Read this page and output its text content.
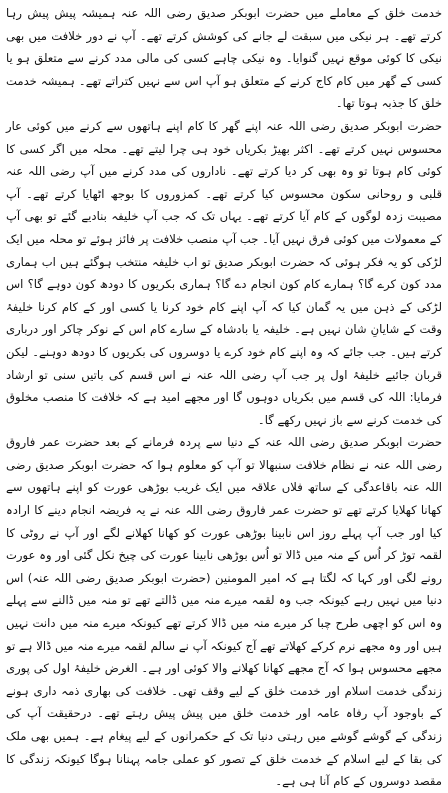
خدمت خلق کے معاملے میں حضرت ابوبکر صدیق رضی اللہ عنہ ہمیشہ پیش پیش رہا کرتے تھے۔ ہر نیکی میں سبقت لے جانے کی کوشش کرتے تھے۔ آپ نے دور خلافت میں بھی نیکی کا کوئی موقع نہیں گنوایا۔ وہ نیکی چاہے کسی کی مالی مدد کرنے سے متعلق ہو یا کسی کے گھر میں کام کاج کرنے کے متعلق ہو آپ اس سے نہیں کتراتے تھے۔ ہمیشہ خدمت خلق کا جذبہ ہوتا تھا۔

حضرت ابوبکر صدیق رضی اللہ عنہ اپنے گھر کا کام اپنے ہاتھوں سے کرنے میں کوئی عار محسوس نہیں کرتے تھے۔ اکثر بھیڑ بکریاں خود ہی چرا لیتے تھے۔ محلہ میں اگر کسی کا کوئی کام ہوتا تو وہ بھی کر دیا کرتے تھے۔ ناداروں کی مدد کرنے میں آپ رضی اللہ عنہ قلبی و روحانی سکون محسوس کیا کرتے تھے۔ کمزوروں کا بوجھ اٹھایا کرتے تھے۔ آپ مصیبت زدہ لوگوں کے کام آیا کرتے تھے۔ یہاں تک کہ جب آپ خلیفہ بنادیے گئے تو بھی آپ کے معمولات میں کوئی فرق نہیں آیا۔ جب آپ منصب خلافت پر فائز ہوئے تو محلہ میں ایک لڑکی کو یہ فکر ہوئی کہ حضرت ابوبکر صدیق تو اب خلیفہ منتخب ہوگئے ہیں اب ہماری مدد کون کرے گا؟ ہمارے کام کون انجام دے گا؟ ہماری بکریوں کا دودھ کون دوہے گا؟ اس لڑکی کے ذہن میں یہ گمان کیا کہ آپ اپنے کام خود کرنا یا کسی اور کے کام کرنا خلیفۂ وقت کے شایانِ شان نہیں ہے۔ خلیفہ یا بادشاہ کے سارے کام اس کے نوکر چاکر اور درباری کرتے ہیں۔ جب جائے کہ وہ اپنے کام خود کرے یا دوسروں کی بکریوں کا دودھ دوہنے۔ لیکن قربان جائیے خلیفۂ اول پر جب آپ رضی اللہ عنہ نے اس قسم کی باتیں سنی تو ارشاد فرمایا: اللہ کی قسم میں بکریاں دوہوں گا اور مجھے امید ہے کہ خلافت کا منصب مخلوق کی خدمت کرنے سے باز نہیں رکھے گا۔

حضرت ابوبکر صدیق رضی اللہ عنہ کے دنیا سے پردہ فرمانے کے بعد حضرت عمر فاروق رضی اللہ عنہ نے نظام خلافت سنبھالا تو آپ کو معلوم ہوا کہ حضرت ابوبکر صدیق رضی اللہ عنہ باقاعدگی کے ساتھ فلاں علاقہ میں ایک غریب بوڑھی عورت کو اپنے ہاتھوں سے کھانا کھلایا کرتے تھے تو حضرت عمر فاروق رضی اللہ عنہ نے یہ فریضہ انجام دینے کا ارادہ کیا اور جب آپ پہلے روز اس نابینا بوڑھی عورت کو کھانا کھلانے لگے اور آپ نے روٹی کا لقمہ توڑ کر اُس کے منہ میں ڈالا تو اُس بوڑھی نابینا عورت کی چیخ نکل گئی اور وہ عورت رونے لگی اور کہا کہ لگتا ہے کہ امیر المومنین (حضرت ابوبکر صدیق رضی اللہ عنہ) اس دنیا میں نہیں رہے کیونکہ جب وہ لقمہ میرے منہ میں ڈالتے تھے تو منہ میں ڈالنے سے پہلے وہ اس کو اچھی طرح چبا کر میرے منہ میں ڈالا کرتے تھے کیونکہ میرے منہ میں دانت نہیں ہیں اور وہ مجھے نرم کرکے کھلاتے تھے آج کیونکہ آپ نے سالم لقمہ میرے منہ میں ڈالا ہے تو مجھے محسوس ہوا کہ آج مجھے کھانا کھلانے والا کوئی اور ہے۔ الغرض خلیفۂ اول کی پوری زندگی خدمت اسلام اور خدمت خلق کے لیے وقف تھی۔ خلافت کی بھاری ذمہ داری ہونے کے باوجود آپ رفاہ عامہ اور خدمت خلق میں پیش پیش رہتے تھے۔ درحقیقت آپ کی زندگی کے گوشے گوشے میں رہتی دنیا تک کے حکمرانوں کے لیے پیغام ہے۔ ہمیں بھی ملک کی بقا کے لیے اسلام کے خدمت خلق کے تصور کو عملی جامہ پہنانا ہوگا کیونکہ زندگی کا مقصد دوسروں کے کام آنا ہی ہے۔
